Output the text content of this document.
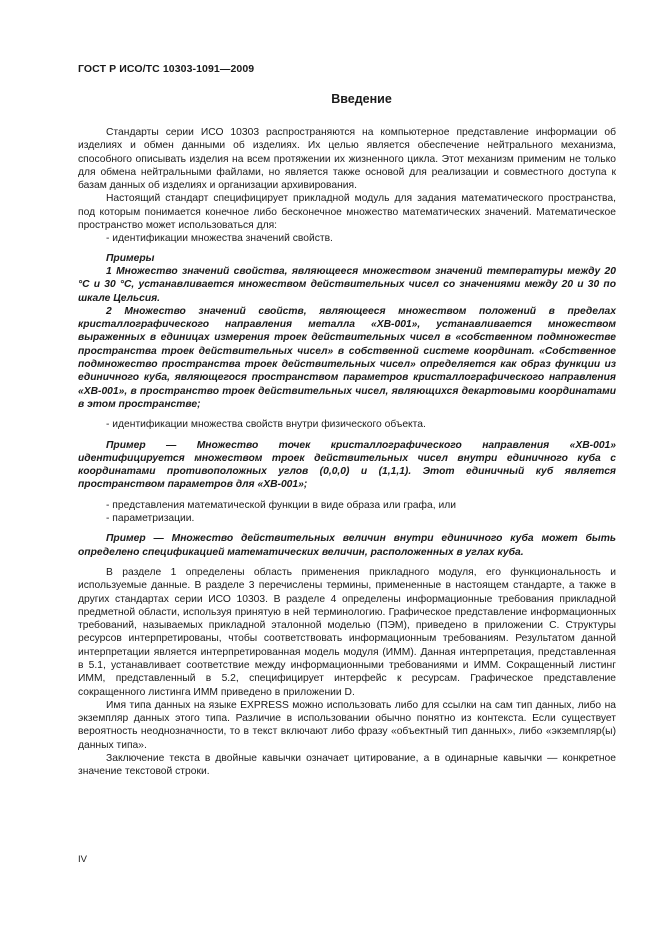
ГОСТ Р ИСО/ТС 10303-1091—2009
Введение

Стандарты серии ИСО 10303 распространяются на компьютерное представление информации об изделиях и обмен данными об изделиях. Их целью является обеспечение нейтрального механизма, способного описывать изделия на всем протяжении их жизненного цикла. Этот механизм применим не только для обмена нейтральными файлами, но является также основой для реализации и совместного доступа к базам данных об изделиях и организации архивирования.

Настоящий стандарт специфицирует прикладной модуль для задания математического пространства, под которым понимается конечное либо бесконечное множество математических значений. Математическое пространство может использоваться для:

- идентификации множества значений свойств.

Примеры

1 Множество значений свойства, являющееся множеством значений температуры между 20 °С и 30 °С, устанавливается множеством действительных чисел со значениями между 20 и 30 по шкале Цельсия.

2 Множество значений свойств, являющееся множеством положений в пределах кристаллографического направления металла «ХВ-001», устанавливается множеством выраженных в единицах измерения троек действительных чисел в «собственном подмножестве пространства троек действительных чисел» в собственной системе координат. «Собственное подмножество пространства троек действительных чисел» определяется как образ функции из единичного куба, являющегося пространством параметров кристаллографического направления «ХВ-001», в пространство троек действительных чисел, являющихся декартовыми координатами в этом пространстве;

- идентификации множества свойств внутри физического объекта.

Пример — Множество точек кристаллографического направления «ХВ-001» идентифицируется множеством троек действительных чисел внутри единичного куба с координатами противоположных углов (0,0,0) и (1,1,1). Этот единичный куб является пространством параметров для «ХВ-001»;

- представления математической функции в виде образа или графа, или

- параметризации.

Пример — Множество действительных величин внутри единичного куба может быть определено спецификацией математических величин, расположенных в углах куба.

В разделе 1 определены область применения прикладного модуля, его функциональность и используемые данные. В разделе 3 перечислены термины, примененные в настоящем стандарте, а также в других стандартах серии ИСО 10303. В разделе 4 определены информационные требования прикладной предметной области, используя принятую в ней терминологию. Графическое представление информационных требований, называемых прикладной эталонной моделью (ПЭМ), приведено в приложении С. Структуры ресурсов интерпретированы, чтобы соответствовать информационным требованиям. Результатом данной интерпретации является интерпретированная модель модуля (ИММ). Данная интерпретация, представленная в 5.1, устанавливает соответствие между информационными требованиями и ИММ. Сокращенный листинг ИММ, представленный в 5.2, специфицирует интерфейс к ресурсам. Графическое представление сокращенного листинга ИММ приведено в приложении D.

Имя типа данных на языке EXPRESS можно использовать либо для ссылки на сам тип данных, либо на экземпляр данных этого типа. Различие в использовании обычно понятно из контекста. Если существует вероятность неоднозначности, то в текст включают либо фразу «объектный тип данных», либо «экземпляр(ы) данных типа».

Заключение текста в двойные кавычки означает цитирование, а в одинарные кавычки — конкретное значение текстовой строки.

IV
